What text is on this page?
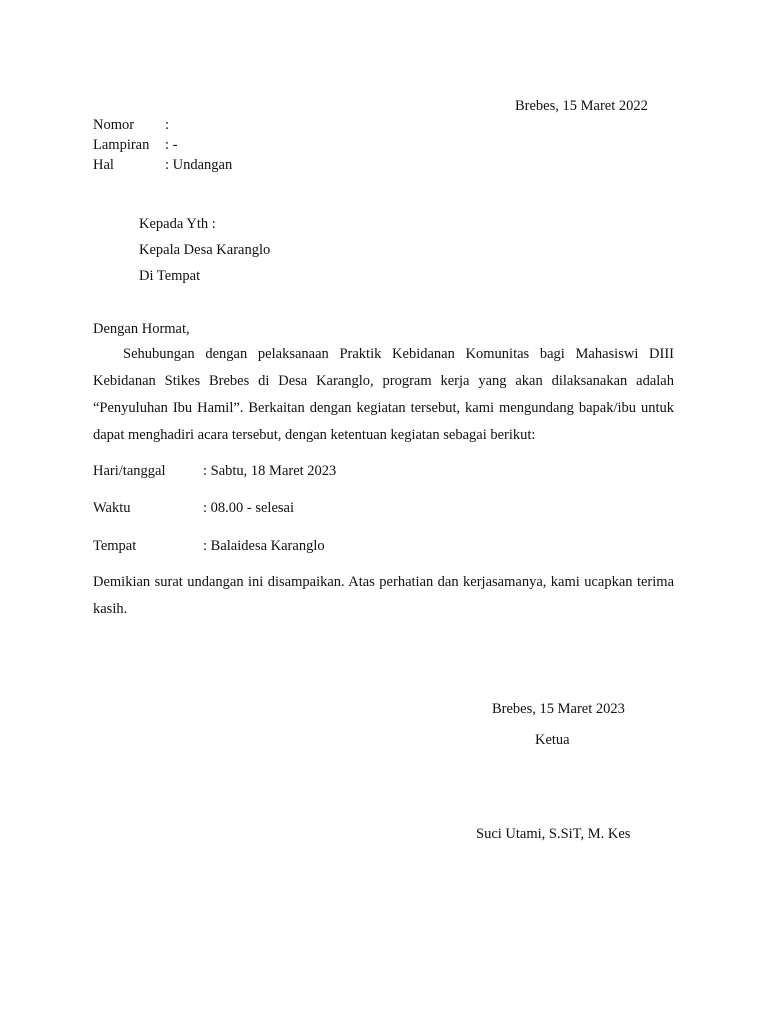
Brebes, 15 Maret 2022
Nomor :
Lampiran : -
Hal	: Undangan
Kepada Yth :
Kepala Desa Karanglo
Di Tempat
Dengan Hormat,

Sehubungan dengan pelaksanaan Praktik Kebidanan Komunitas bagi Mahasiswi DIII Kebidanan Stikes Brebes di Desa Karanglo, program kerja yang akan dilaksanakan adalah “Penyuluhan Ibu Hamil”. Berkaitan dengan kegiatan tersebut, kami mengundang bapak/ibu untuk dapat menghadiri acara tersebut, dengan ketentuan kegiatan sebagai berikut:

Hari/tanggal	: Sabtu, 18 Maret 2023
Waktu	: 08.00 - selesai
Tempat	: Balaidesa Karanglo

Demikian surat undangan ini disampaikan. Atas perhatian dan kerjasamanya, kami ucapkan terima kasih.

Brebes, 15 Maret 2023
Ketua
Suci Utami, S.SiT, M. Kes
